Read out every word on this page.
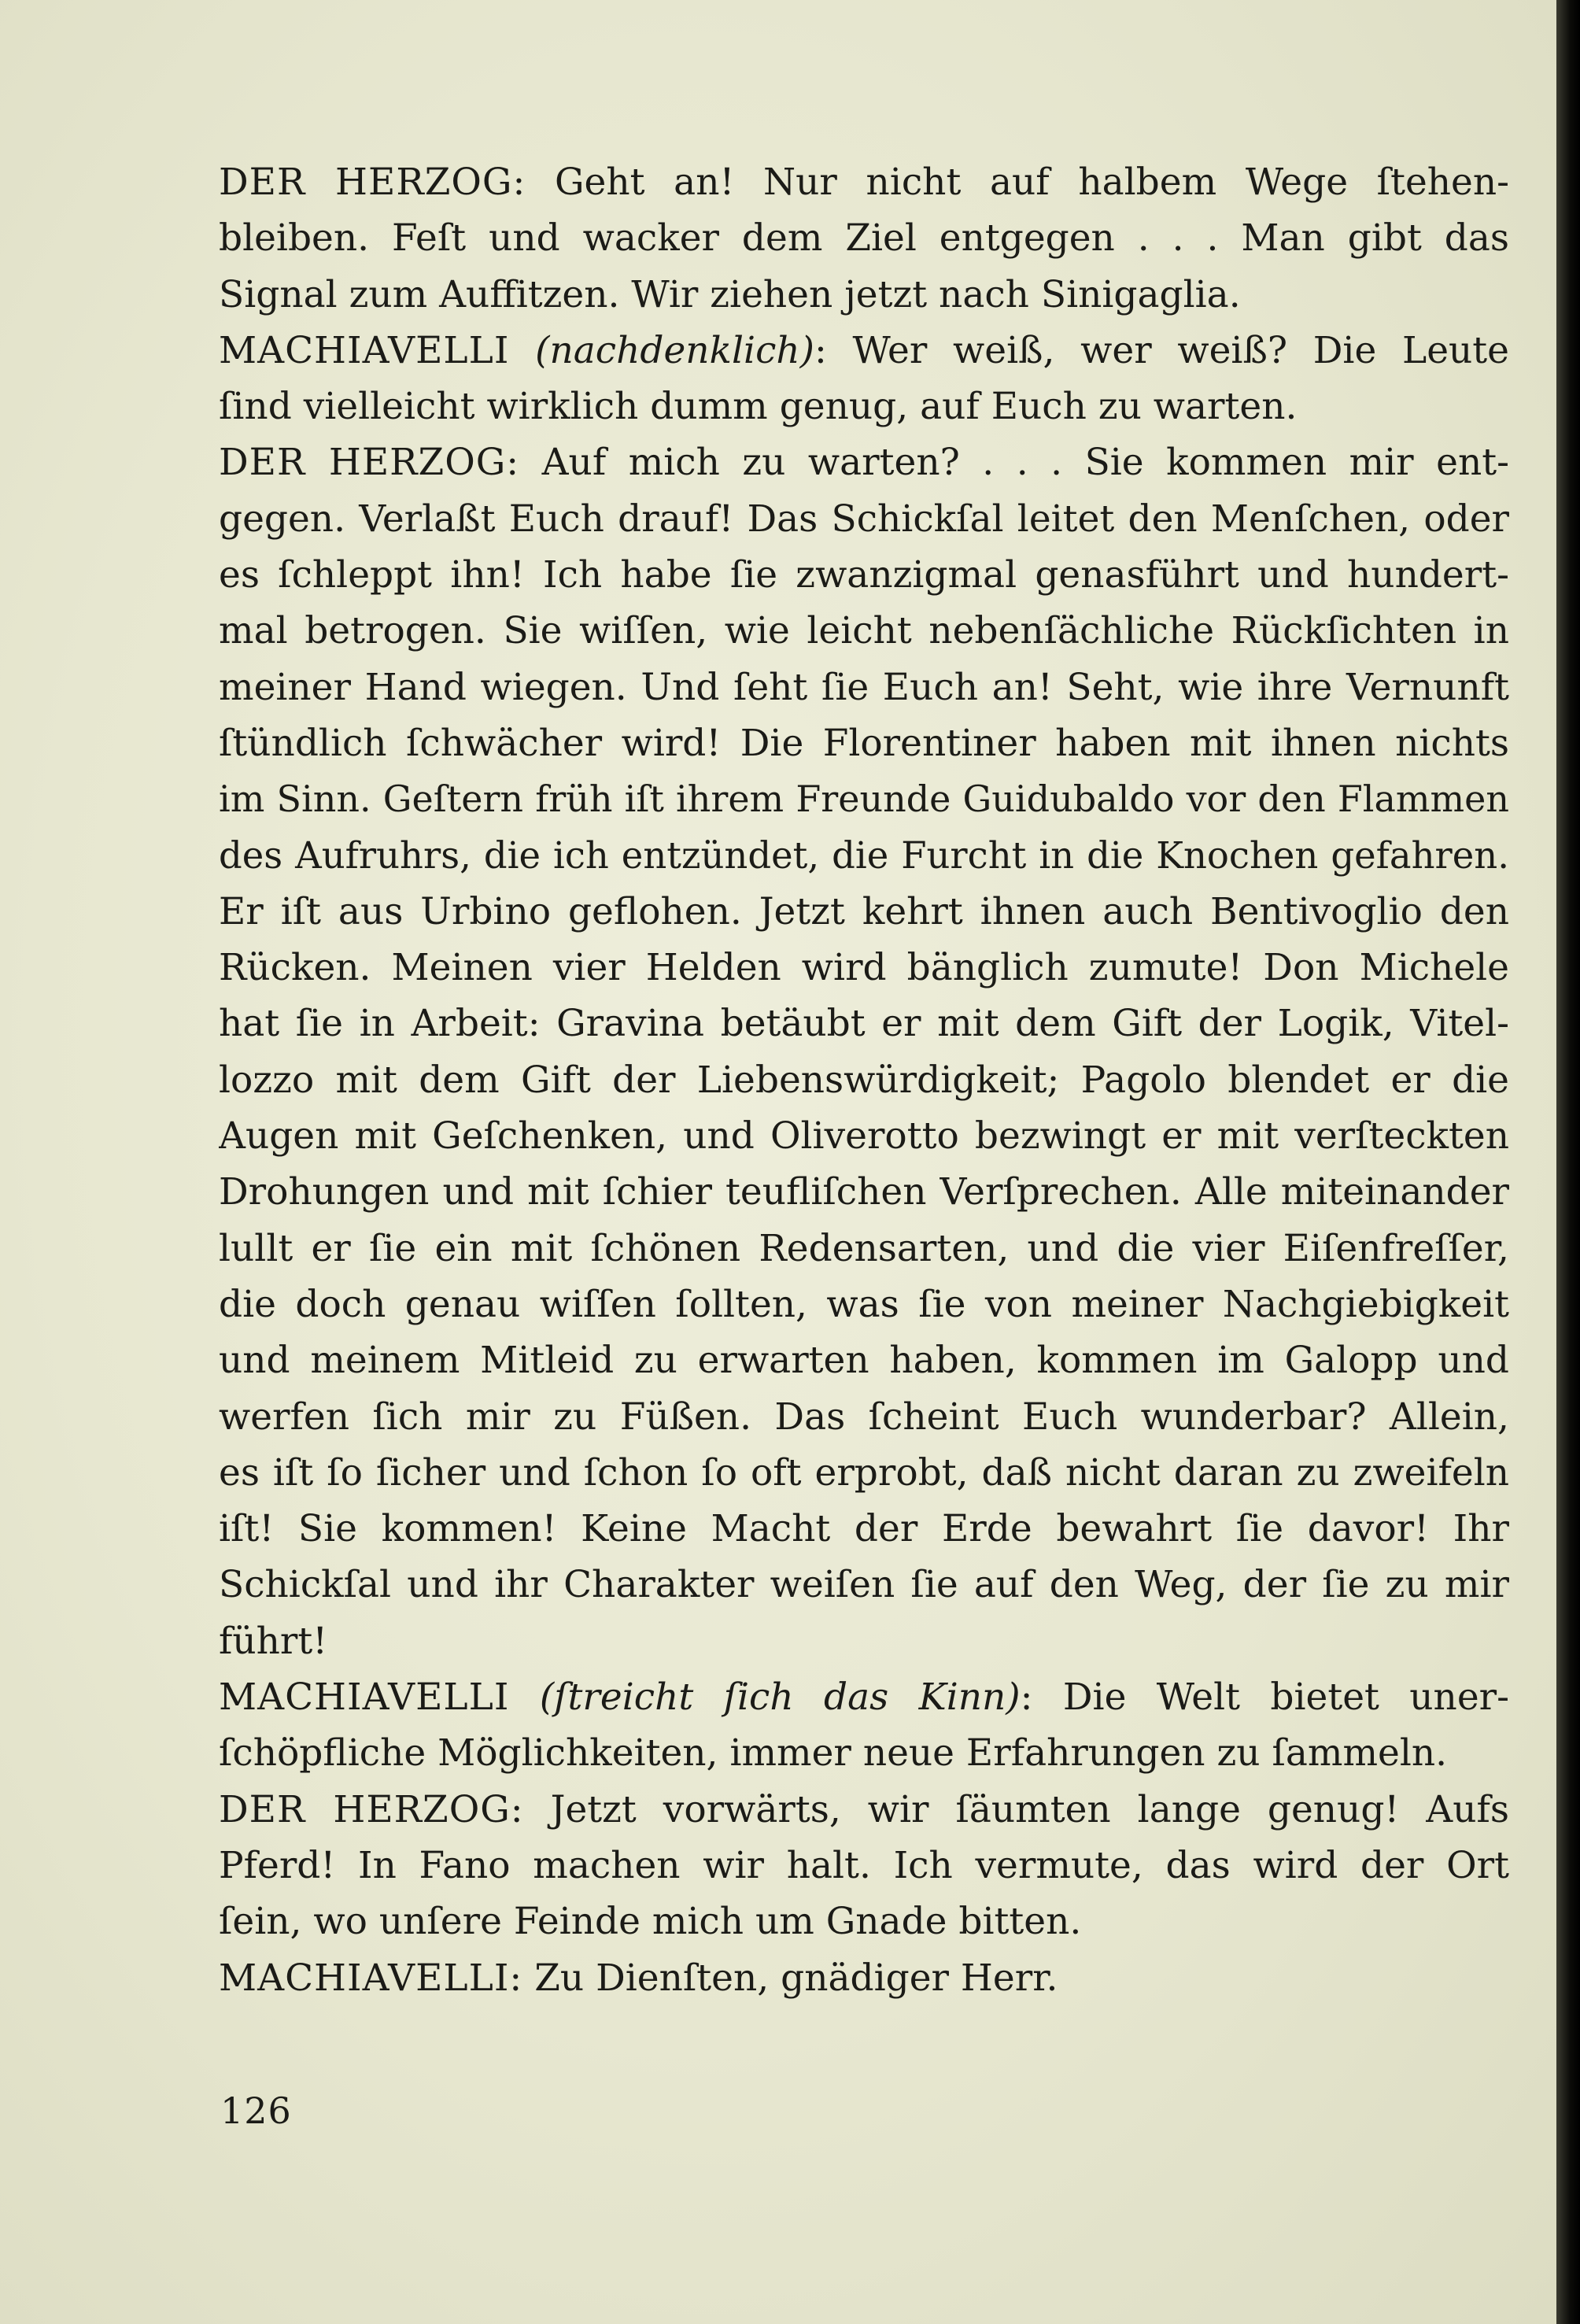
DER HERZOG: Geht an! Nur nicht auf halbem Wege ſtehen-
bleiben. Feſt und wacker dem Ziel entgegen . . . Man gibt das
Signal zum Auffitzen. Wir ziehen jetzt nach Sinigaglia.
MACHIAVELLI (nachdenklich): Wer weiß, wer weiß? Die Leute
ſind vielleicht wirklich dumm genug, auf Euch zu warten.
DER HERZOG: Auf mich zu warten? . . . Sie kommen mir ent-
gegen. Verlaßt Euch drauf! Das Schickſal leitet den Menſchen, oder
es ſchleppt ihn! Ich habe ſie zwanzigmal genasführt und hundert-
mal betrogen. Sie wiſſen, wie leicht nebenſächliche Rückſichten in
meiner Hand wiegen. Und ſeht ſie Euch an! Seht, wie ihre Vernunft
ſtündlich ſchwächer wird! Die Florentiner haben mit ihnen nichts
im Sinn. Geſtern früh iſt ihrem Freunde Guidubaldo vor den Flammen
des Aufruhrs, die ich entzündet, die Furcht in die Knochen gefahren.
Er iſt aus Urbino geflohen. Jetzt kehrt ihnen auch Bentivoglio den
Rücken. Meinen vier Helden wird bänglich zumute! Don Michele
hat ſie in Arbeit: Gravina betäubt er mit dem Gift der Logik, Vitel-
lozzo mit dem Gift der Liebenswürdigkeit; Pagolo blendet er die
Augen mit Geſchenken, und Oliverotto bezwingt er mit verſteckten
Drohungen und mit ſchier teufliſchen Verſprechen. Alle miteinander
lullt er ſie ein mit ſchönen Redensarten, und die vier Eiſenfreſſer,
die doch genau wiſſen ſollten, was ſie von meiner Nachgiebigkeit
und meinem Mitleid zu erwarten haben, kommen im Galopp und
werfen ſich mir zu Füßen. Das ſcheint Euch wunderbar? Allein,
es iſt ſo ſicher und ſchon ſo oft erprobt, daß nicht daran zu zweifeln
iſt! Sie kommen! Keine Macht der Erde bewahrt ſie davor! Ihr
Schickſal und ihr Charakter weiſen ſie auf den Weg, der ſie zu mir
führt!
MACHIAVELLI (ſtreicht ſich das Kinn): Die Welt bietet uner-
ſchöpfliche Möglichkeiten, immer neue Erfahrungen zu ſammeln.
DER HERZOG: Jetzt vorwärts, wir ſäumten lange genug! Aufs
Pferd! In Fano machen wir halt. Ich vermute, das wird der Ort
ſein, wo unſere Feinde mich um Gnade bitten.
MACHIAVELLI: Zu Dienſten, gnädiger Herr.
126
